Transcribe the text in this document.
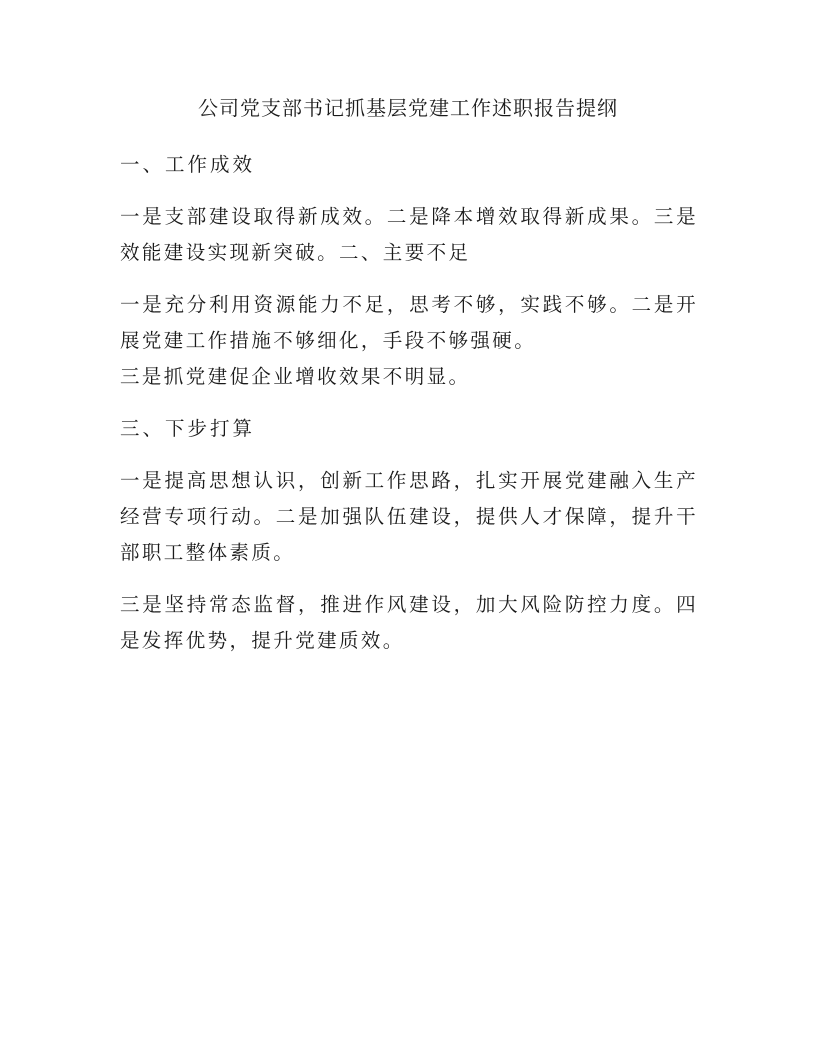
公司党支部书记抓基层党建工作述职报告提纲

一、工作成效

一是支部建设取得新成效。二是降本增效取得新成果。三是效能建设实现新突破。二、主要不足

一是充分利用资源能力不足，思考不够，实践不够。二是开展党建工作措施不够细化，手段不够强硬。

三是抓党建促企业增收效果不明显。

三、下步打算

一是提高思想认识，创新工作思路，扎实开展党建融入生产经营专项行动。二是加强队伍建设，提供人才保障，提升干部职工整体素质。

三是坚持常态监督，推进作风建设，加大风险防控力度。四是发挥优势，提升党建质效。
